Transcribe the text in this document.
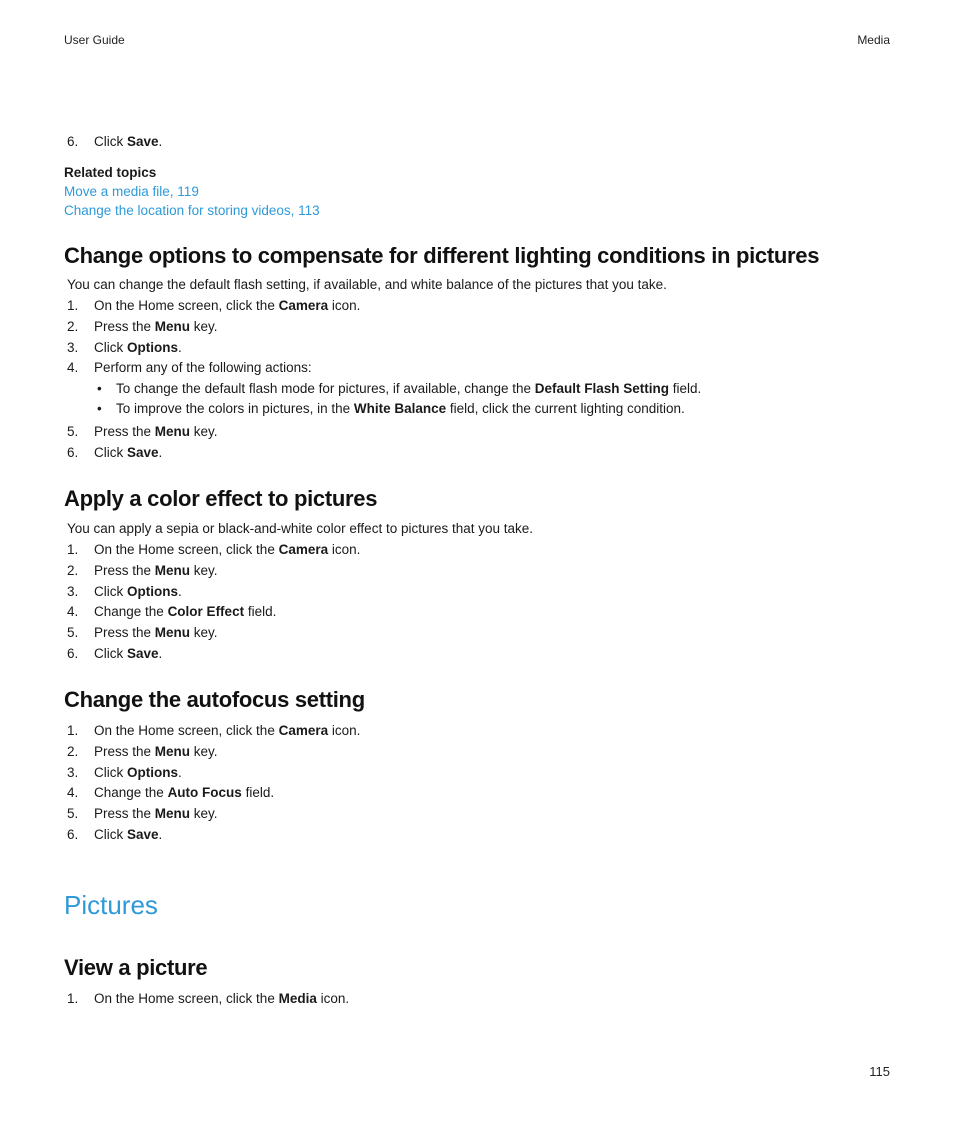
User Guide	Media
6. Click Save.
Related topics
Move a media file, 119
Change the location for storing videos, 113
Change options to compensate for different lighting conditions in pictures
You can change the default flash setting, if available, and white balance of the pictures that you take.
1. On the Home screen, click the Camera icon.
2. Press the Menu key.
3. Click Options.
4. Perform any of the following actions:
• To change the default flash mode for pictures, if available, change the Default Flash Setting field.
• To improve the colors in pictures, in the White Balance field, click the current lighting condition.
5. Press the Menu key.
6. Click Save.
Apply a color effect to pictures
You can apply a sepia or black-and-white color effect to pictures that you take.
1. On the Home screen, click the Camera icon.
2. Press the Menu key.
3. Click Options.
4. Change the Color Effect field.
5. Press the Menu key.
6. Click Save.
Change the autofocus setting
1. On the Home screen, click the Camera icon.
2. Press the Menu key.
3. Click Options.
4. Change the Auto Focus field.
5. Press the Menu key.
6. Click Save.
Pictures
View a picture
1. On the Home screen, click the Media icon.
115
